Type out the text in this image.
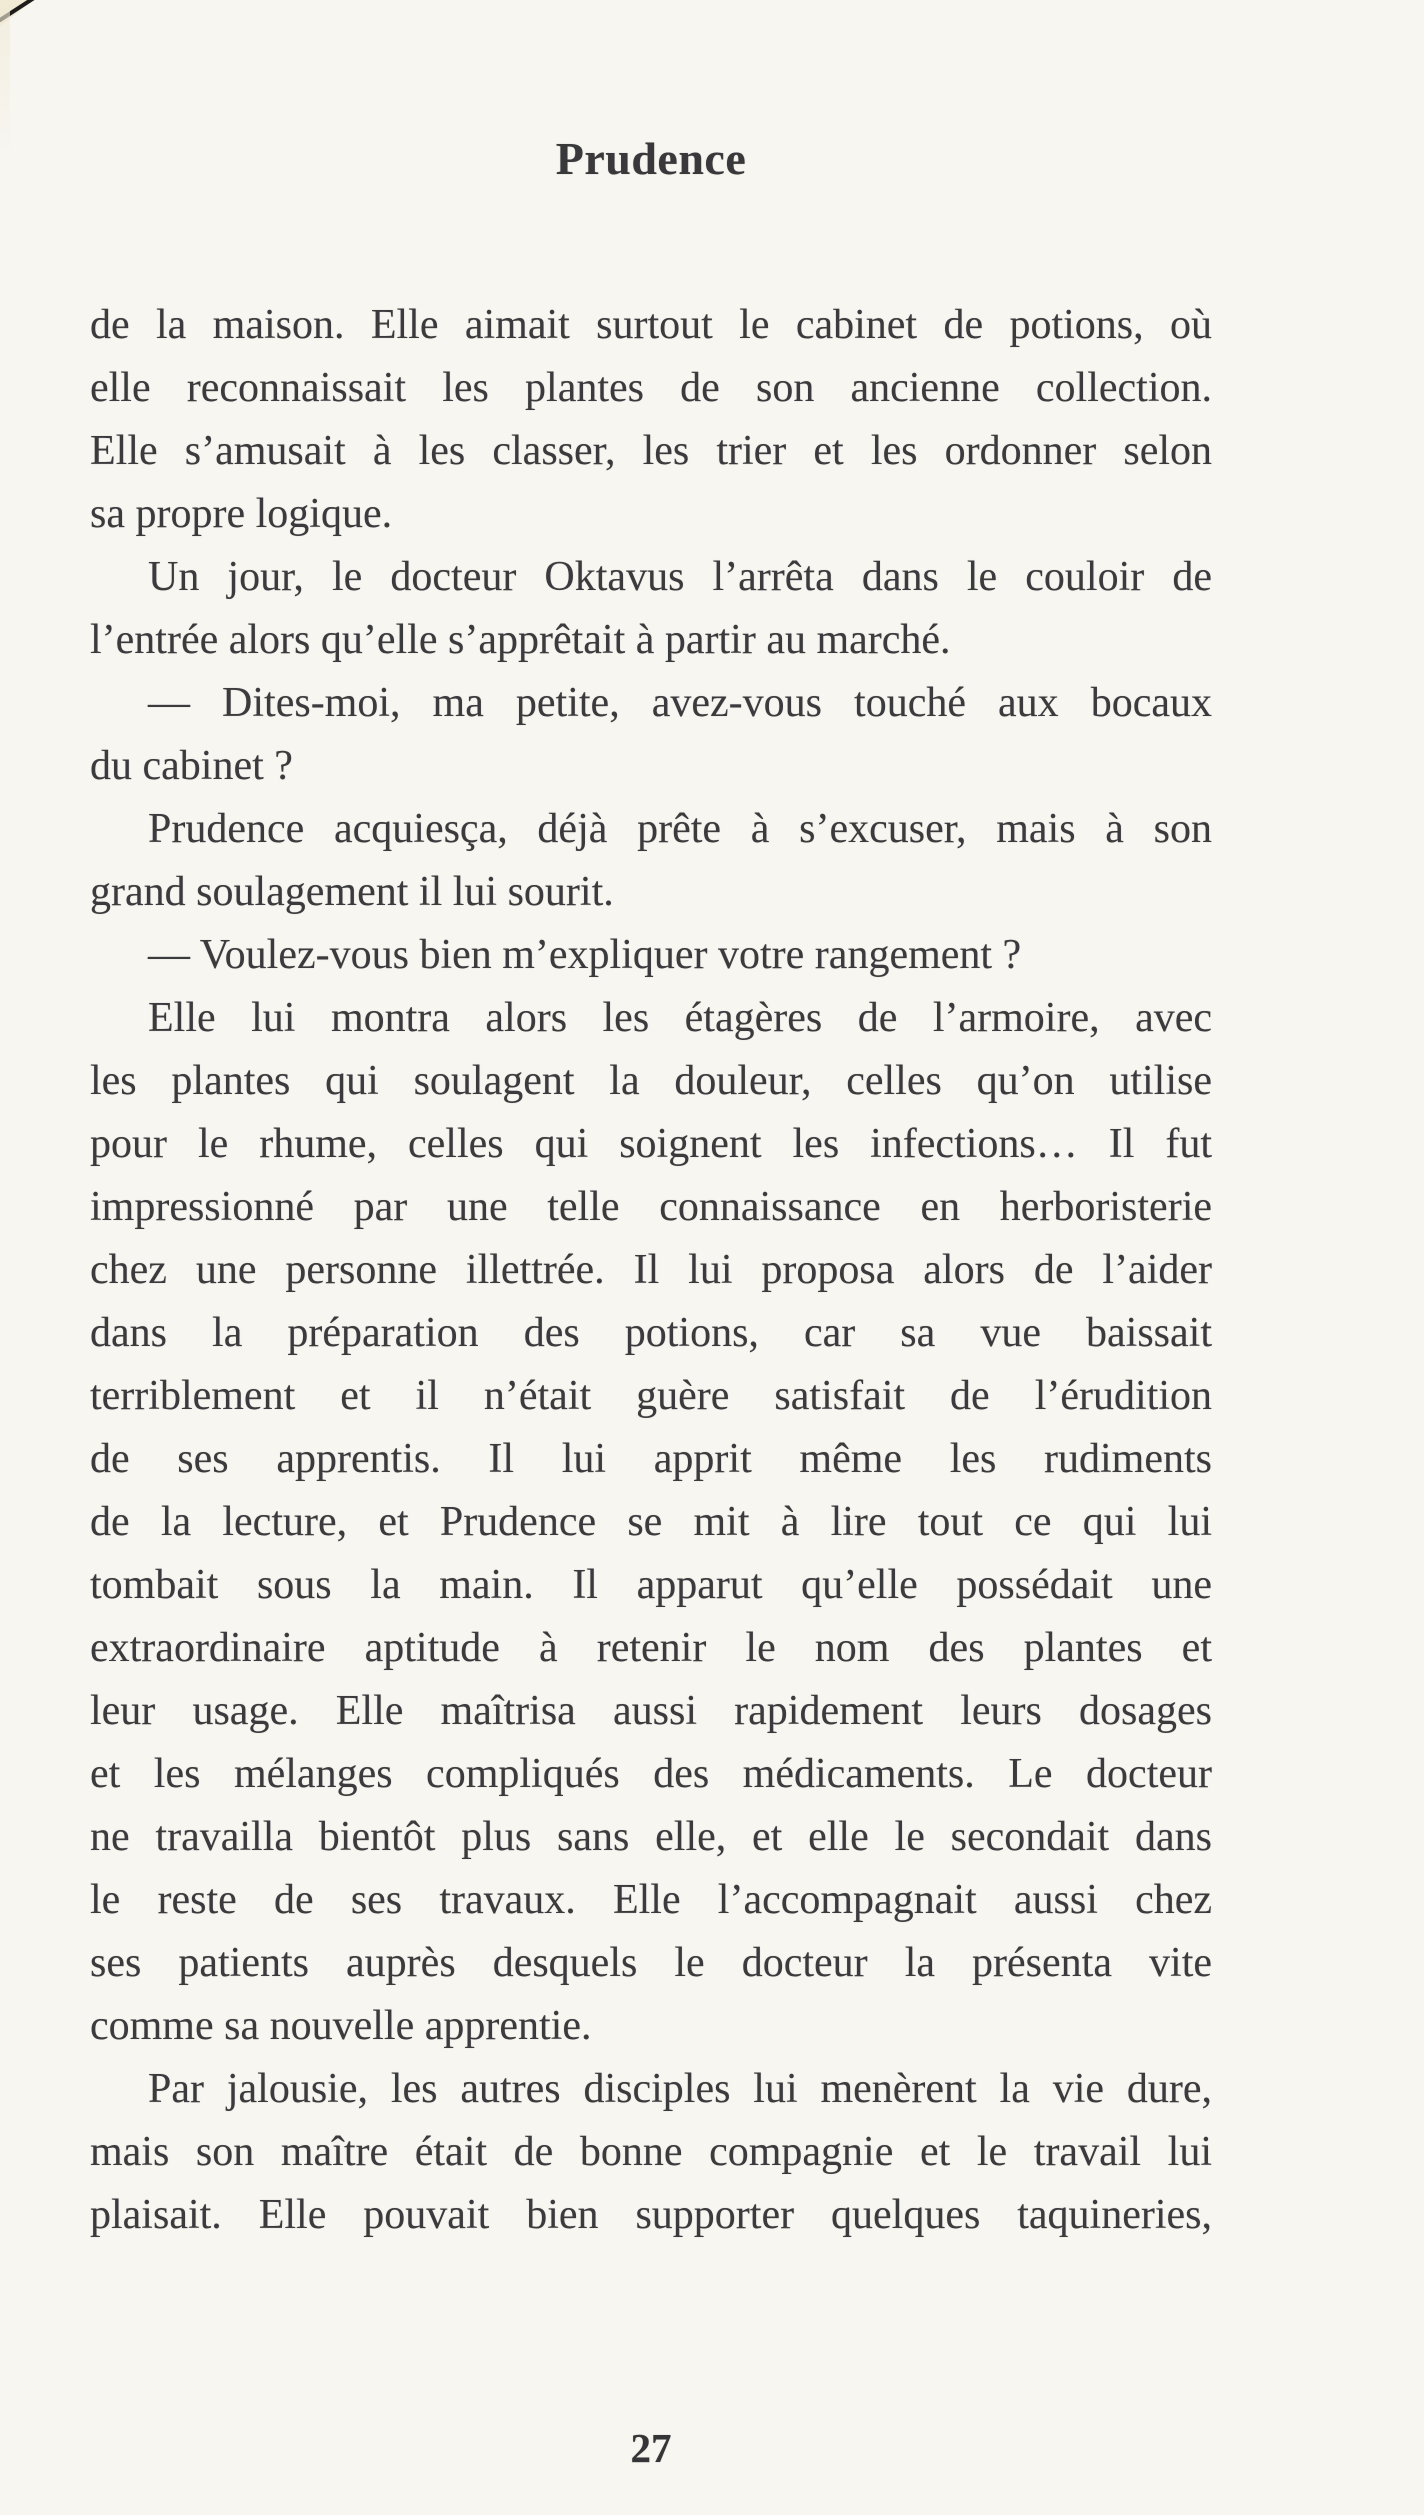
Prudence

de la maison. Elle aimait surtout le cabinet de potions, où
elle reconnaissait les plantes de son ancienne collection.
Elle s’amusait à les classer, les trier et les ordonner selon
sa propre logique.

Un jour, le docteur Oktavus l’arrêta dans le couloir de
l’entrée alors qu’elle s’apprêtait à partir au marché.

— Dites-moi, ma petite, avez-vous touché aux bocaux
du cabinet ?

Prudence acquiesça, déjà prête à s’excuser, mais à son
grand soulagement il lui sourit.

— Voulez-vous bien m’expliquer votre rangement ?

Elle lui montra alors les étagères de l’armoire, avec
les plantes qui soulagent la douleur, celles qu’on utilise
pour le rhume, celles qui soignent les infections… Il fut
impressionné par une telle connaissance en herboristerie
chez une personne illettrée. Il lui proposa alors de l’aider
dans la préparation des potions, car sa vue baissait
terriblement et il n’était guère satisfait de l’érudition
de ses apprentis. Il lui apprit même les rudiments
de la lecture, et Prudence se mit à lire tout ce qui lui
tombait sous la main. Il apparut qu’elle possédait une
extraordinaire aptitude à retenir le nom des plantes et
leur usage. Elle maîtrisa aussi rapidement leurs dosages
et les mélanges compliqués des médicaments. Le docteur
ne travailla bientôt plus sans elle, et elle le secondait dans
le reste de ses travaux. Elle l’accompagnait aussi chez
ses patients auprès desquels le docteur la présenta vite
comme sa nouvelle apprentie.

Par jalousie, les autres disciples lui menèrent la vie dure,
mais son maître était de bonne compagnie et le travail lui
plaisait. Elle pouvait bien supporter quelques taquineries,

27
